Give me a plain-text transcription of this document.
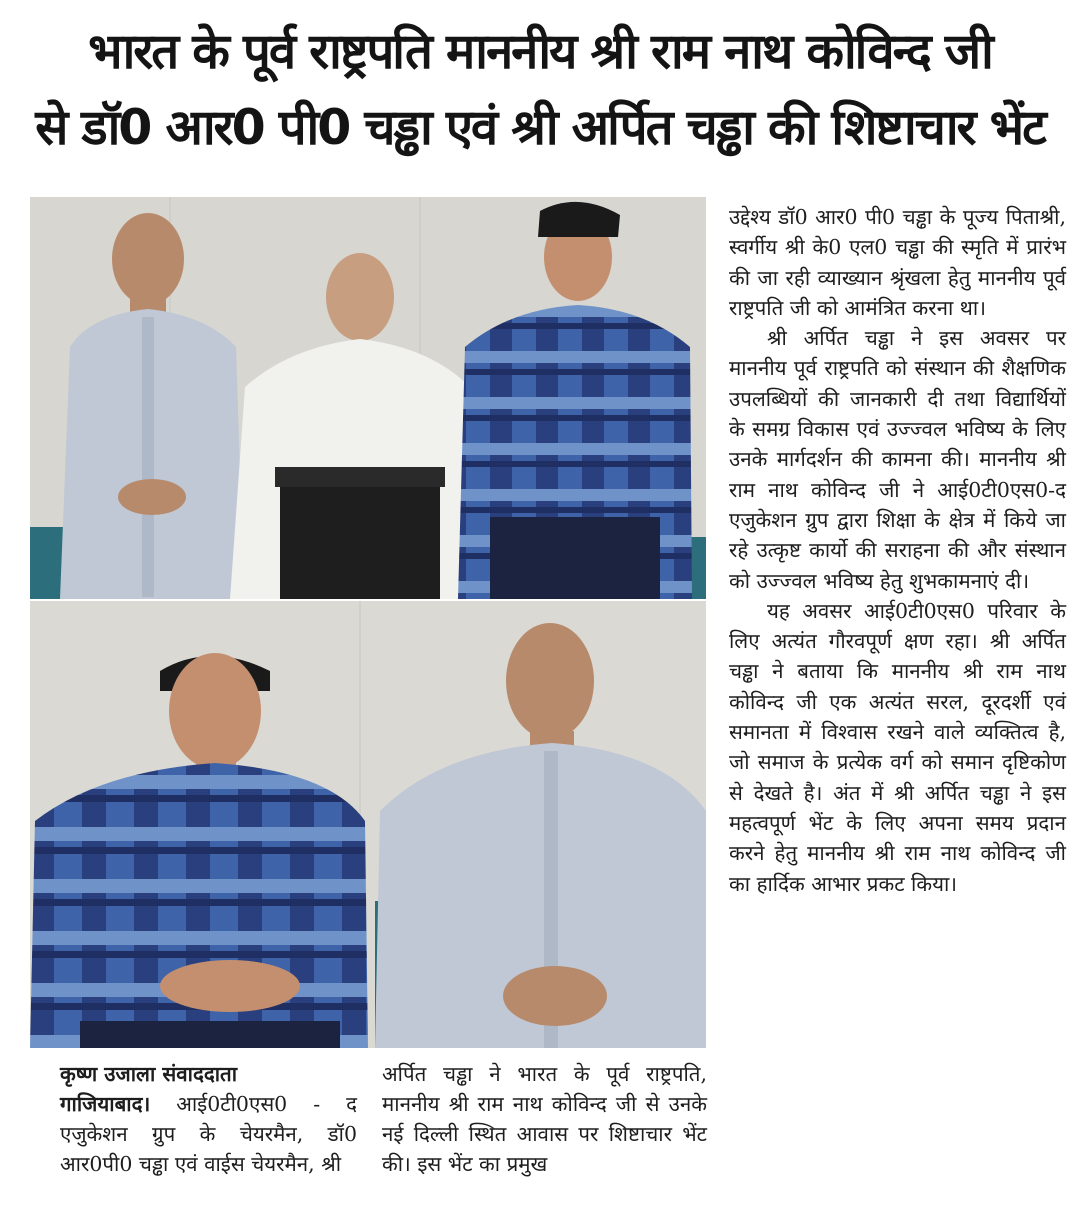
भारत के पूर्व राष्ट्रपति माननीय श्री राम नाथ कोविन्द जी
से डॉ0 आर0 पी0 चड्ढा एवं श्री अर्पित चड्ढा की शिष्टाचार भेंट

उद्देश्य डॉ0 आर0 पी0 चड्ढा के पूज्य पिताश्री, स्वर्गीय श्री के0 एल0 चड्ढा की स्मृति में प्रारंभ की जा रही व्याख्यान श्रृंखला हेतु माननीय पूर्व राष्ट्रपति जी को आमंत्रित करना था।

श्री अर्पित चड्ढा ने इस अवसर पर माननीय पूर्व राष्ट्रपति को संस्थान की शैक्षणिक उपलब्धियों की जानकारी दी तथा विद्यार्थियों के समग्र विकास एवं उज्ज्वल भविष्य के लिए उनके मार्गदर्शन की कामना की। माननीय श्री राम नाथ कोविन्द जी ने आई0टी0एस0-द एजुकेशन ग्रुप द्वारा शिक्षा के क्षेत्र में किये जा रहे उत्कृष्ट कार्यो की सराहना की और संस्थान को उज्ज्वल भविष्य हेतु शुभकामनाएं दी।

यह अवसर आई0टी0एस0 परिवार के लिए अत्यंत गौरवपूर्ण क्षण रहा। श्री अर्पित चड्ढा ने बताया कि माननीय श्री राम नाथ कोविन्द जी एक अत्यंत सरल, दूरदर्शी एवं समानता में विश्वास रखने वाले व्यक्तित्व है, जो समाज के प्रत्येक वर्ग को समान दृष्टिकोण से देखते है। अंत में श्री अर्पित चड्ढा ने इस महत्वपूर्ण भेंट के लिए अपना समय प्रदान करने हेतु माननीय श्री राम नाथ कोविन्द जी का हार्दिक आभार प्रकट किया।

कृष्ण उजाला संवाददाता
गाजियाबाद। आई0टी0एस0 - द एजुकेशन ग्रुप के चेयरमैन, डॉ0 आर0पी0 चड्ढा एवं वाईस चेयरमैन, श्री
अर्पित चड्ढा ने भारत के पूर्व राष्ट्रपति, माननीय श्री राम नाथ कोविन्द जी से उनके नई दिल्ली स्थित आवास पर शिष्टाचार भेंट की। इस भेंट का प्रमुख
